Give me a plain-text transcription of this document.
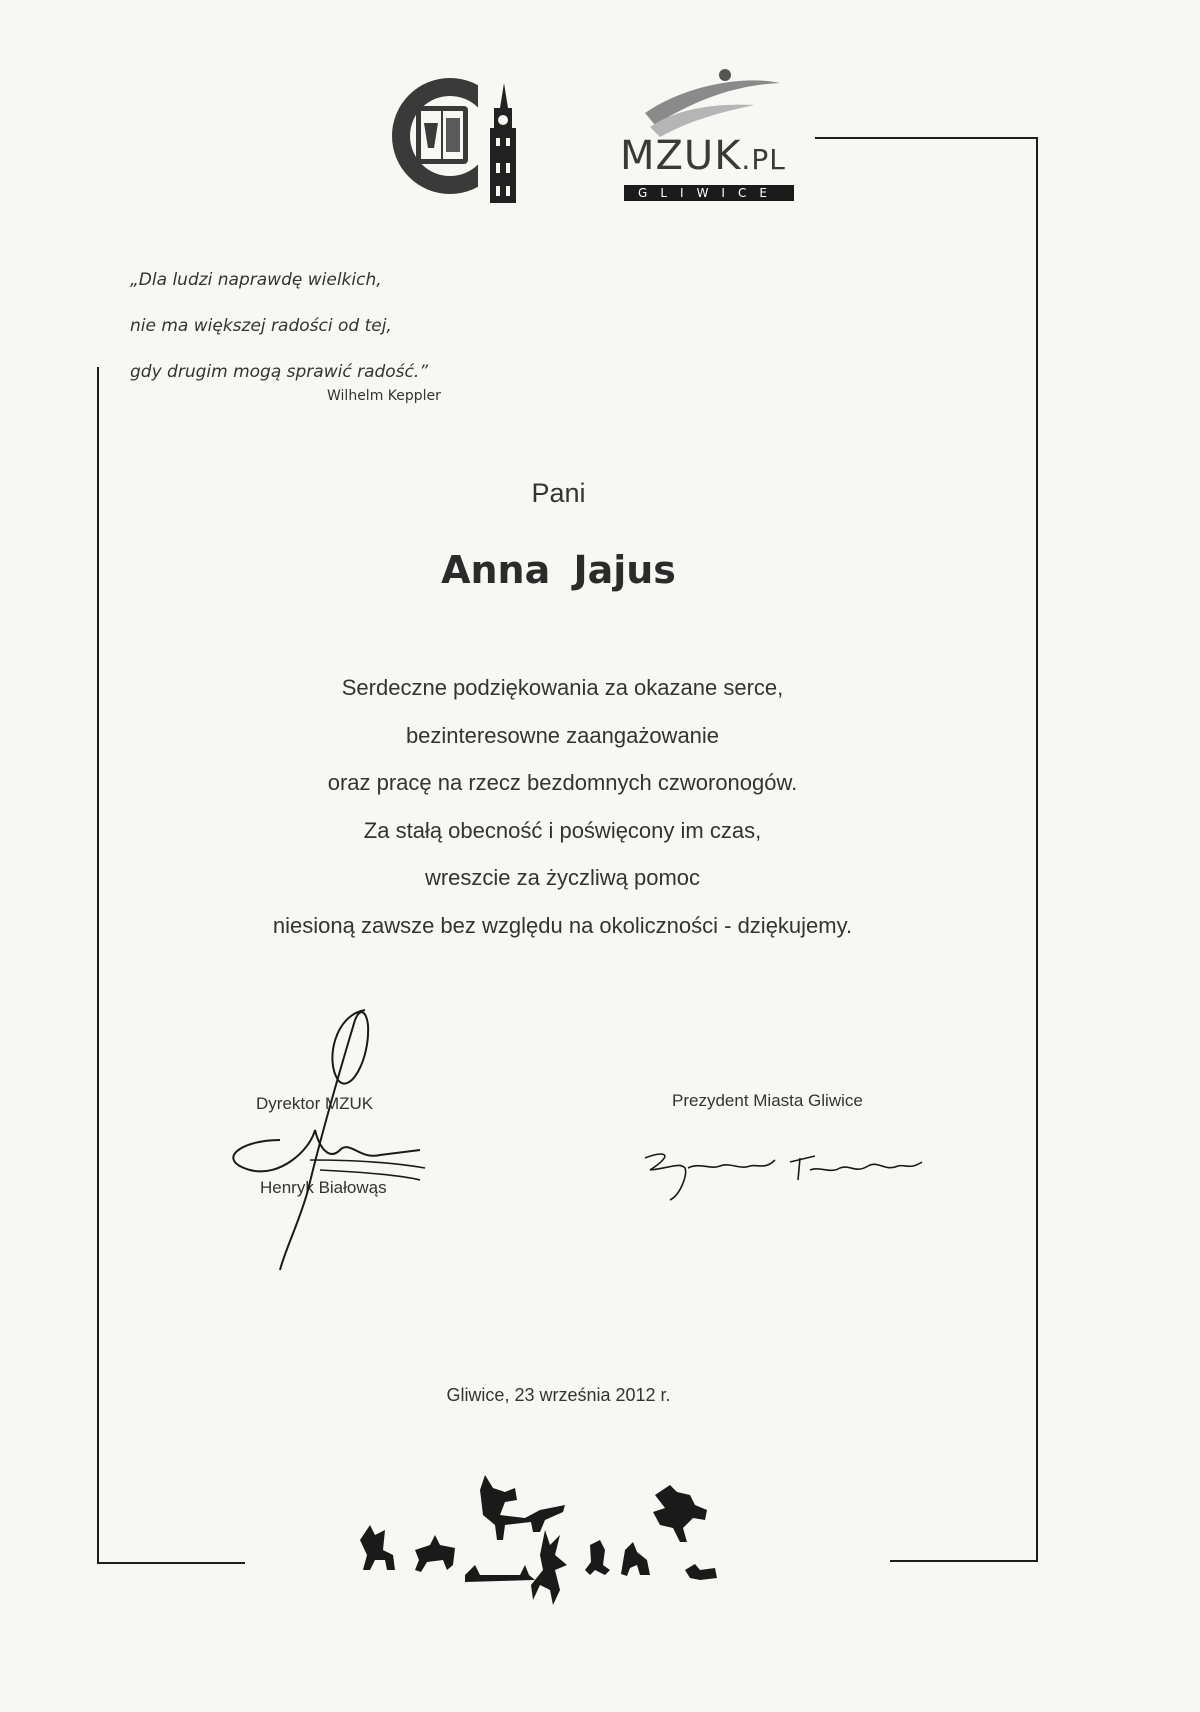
MZUK.PL
GLIWICE
„Dla ludzi naprawdę wielkich,
nie ma większej radości od tej,
gdy drugim mogą sprawić radość.”
Wilhelm Keppler
Pani
Anna Jajus
Serdeczne podziękowania za okazane serce,
bezinteresowne zaangażowanie
oraz pracę na rzecz bezdomnych czworonogów.
Za stałą obecność i poświęcony im czas,
wreszcie za życzliwą pomoc
niesioną zawsze bez względu na okoliczności - dziękujemy.
Dyrektor MZUK
Henryk Białowąs
Prezydent Miasta Gliwice
Gliwice, 23 września 2012 r.
